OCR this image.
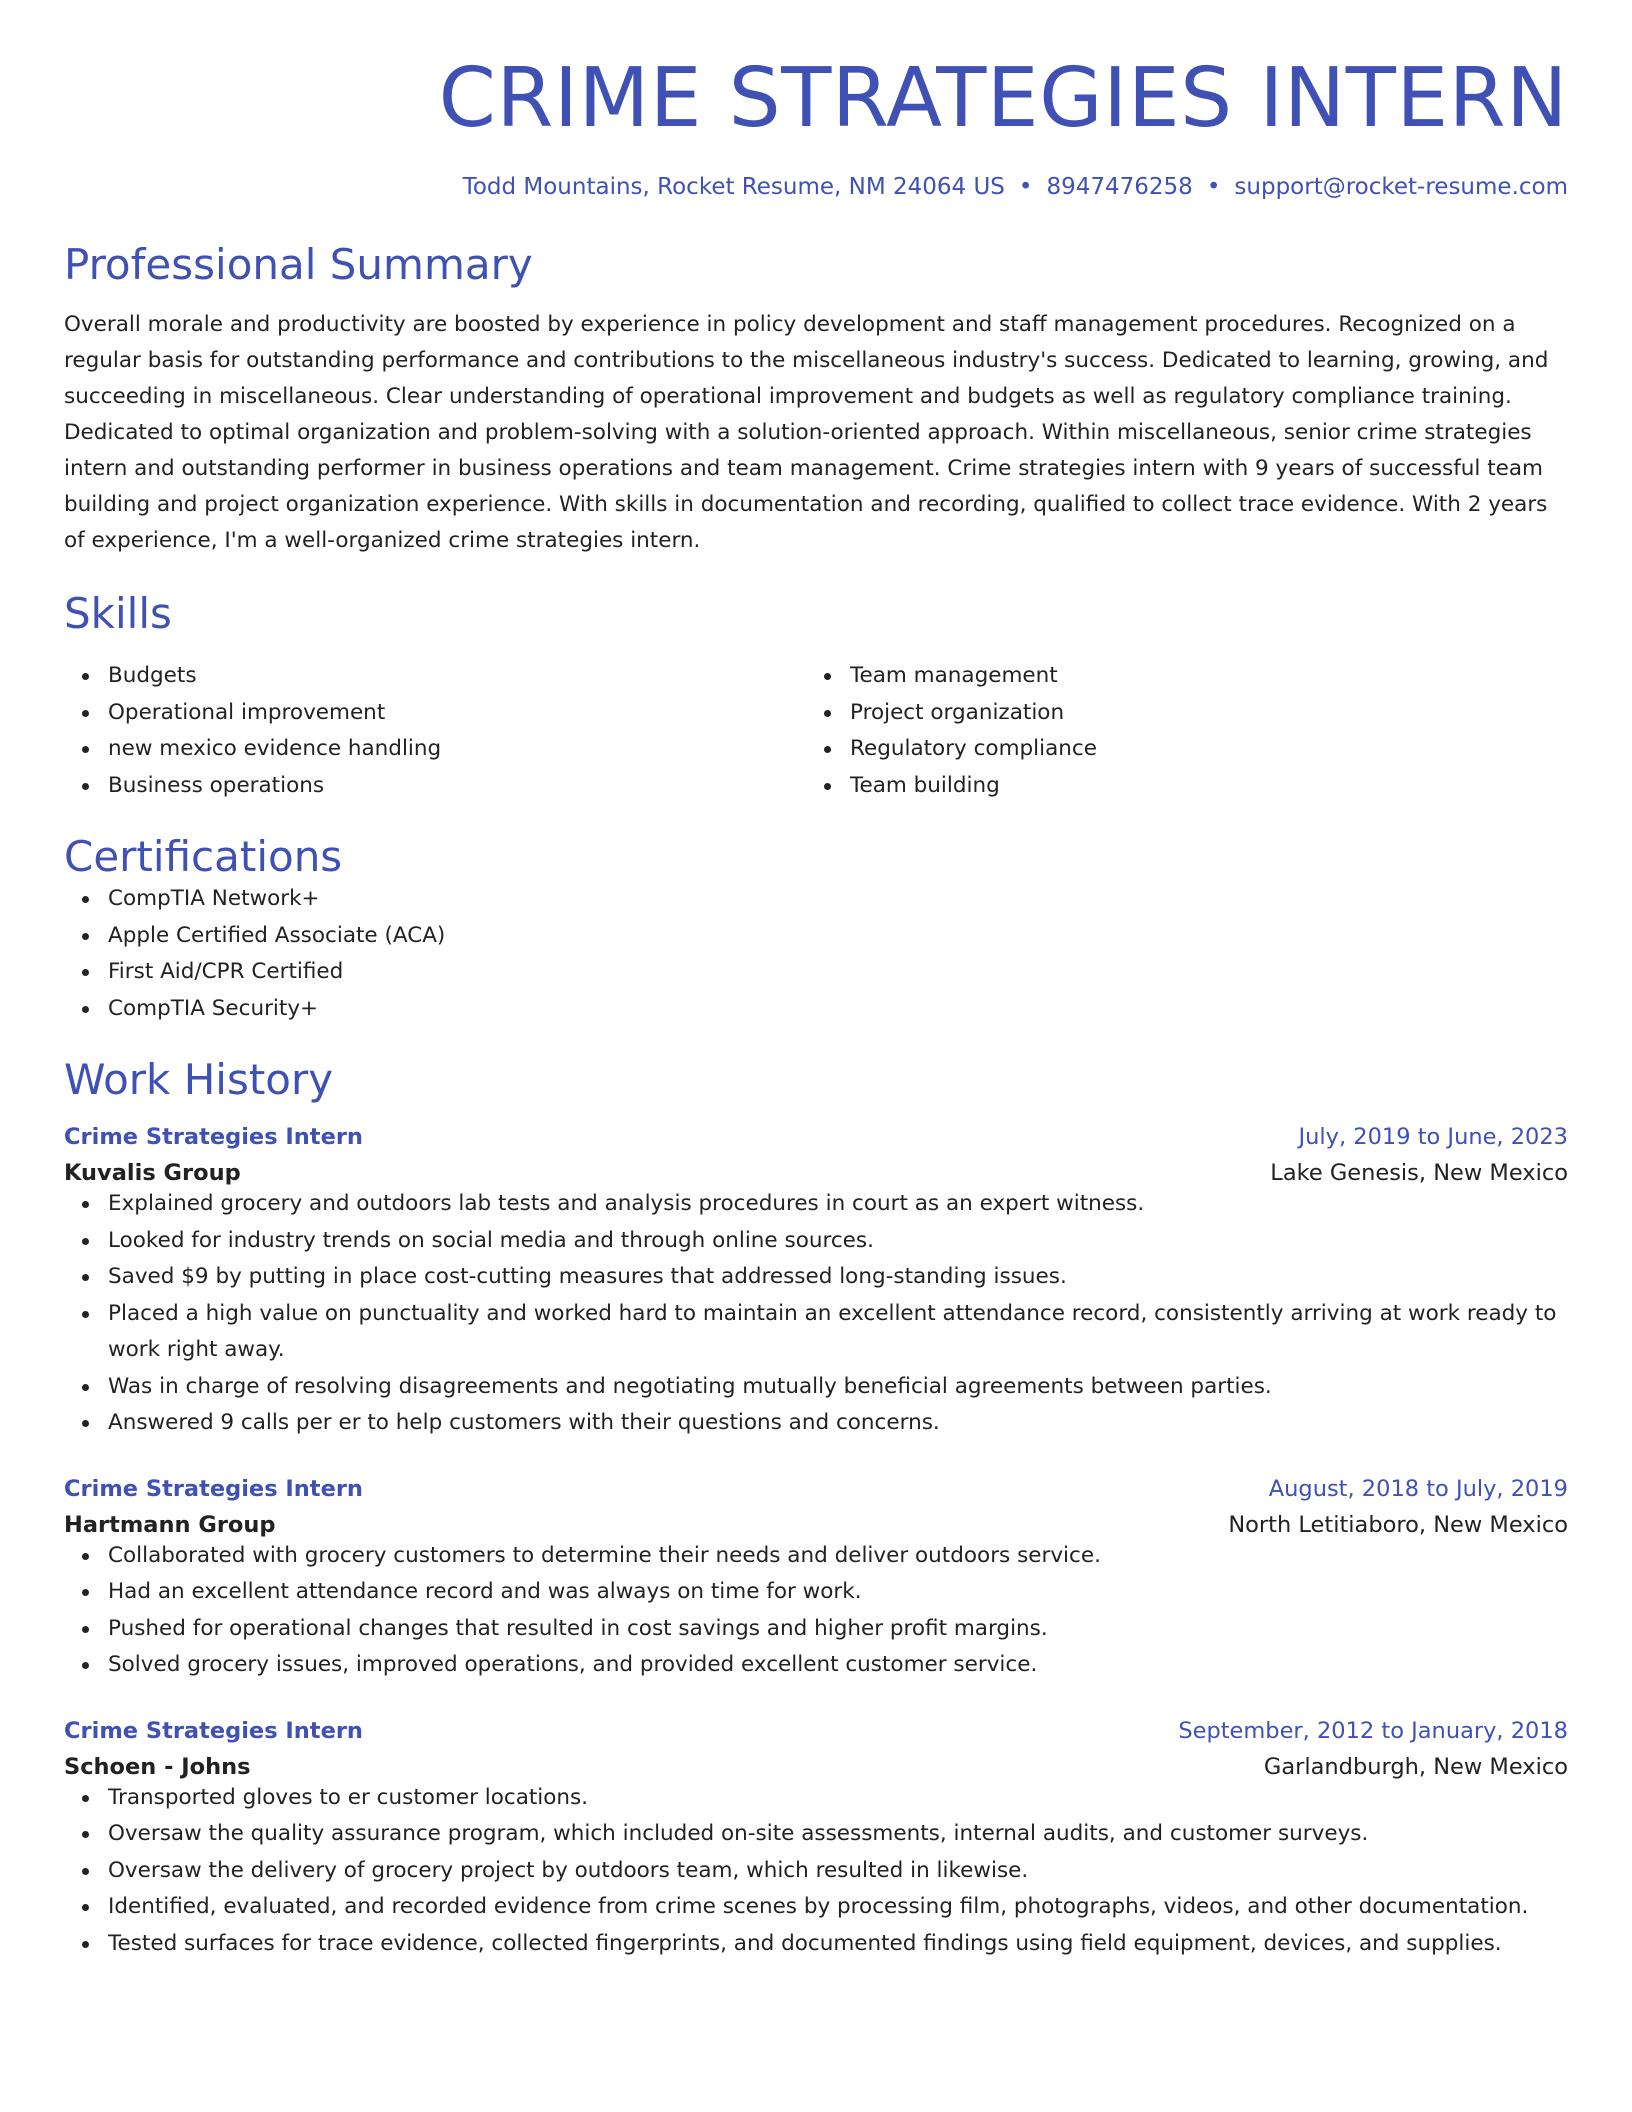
CRIME STRATEGIES INTERN
Todd Mountains, Rocket Resume, NM 24064 US • 8947476258 • support@rocket-resume.com
Professional Summary
Overall morale and productivity are boosted by experience in policy development and staff management procedures. Recognized on a regular basis for outstanding performance and contributions to the miscellaneous industry's success. Dedicated to learning, growing, and succeeding in miscellaneous. Clear understanding of operational improvement and budgets as well as regulatory compliance training. Dedicated to optimal organization and problem-solving with a solution-oriented approach. Within miscellaneous, senior crime strategies intern and outstanding performer in business operations and team management. Crime strategies intern with 9 years of successful team building and project organization experience. With skills in documentation and recording, qualified to collect trace evidence. With 2 years of experience, I'm a well-organized crime strategies intern.
Skills
Budgets
Operational improvement
new mexico evidence handling
Business operations
Team management
Project organization
Regulatory compliance
Team building
Certifications
CompTIA Network+
Apple Certified Associate (ACA)
First Aid/CPR Certified
CompTIA Security+
Work History
Crime Strategies Intern	July, 2019 to June, 2023
Kuvalis Group	Lake Genesis, New Mexico
Explained grocery and outdoors lab tests and analysis procedures in court as an expert witness.
Looked for industry trends on social media and through online sources.
Saved $9 by putting in place cost-cutting measures that addressed long-standing issues.
Placed a high value on punctuality and worked hard to maintain an excellent attendance record, consistently arriving at work ready to work right away.
Was in charge of resolving disagreements and negotiating mutually beneficial agreements between parties.
Answered 9 calls per er to help customers with their questions and concerns.
Crime Strategies Intern	August, 2018 to July, 2019
Hartmann Group	North Letitiaboro, New Mexico
Collaborated with grocery customers to determine their needs and deliver outdoors service.
Had an excellent attendance record and was always on time for work.
Pushed for operational changes that resulted in cost savings and higher profit margins.
Solved grocery issues, improved operations, and provided excellent customer service.
Crime Strategies Intern	September, 2012 to January, 2018
Schoen - Johns	Garlandburgh, New Mexico
Transported gloves to er customer locations.
Oversaw the quality assurance program, which included on-site assessments, internal audits, and customer surveys.
Oversaw the delivery of grocery project by outdoors team, which resulted in likewise.
Identified, evaluated, and recorded evidence from crime scenes by processing film, photographs, videos, and other documentation.
Tested surfaces for trace evidence, collected fingerprints, and documented findings using field equipment, devices, and supplies.
